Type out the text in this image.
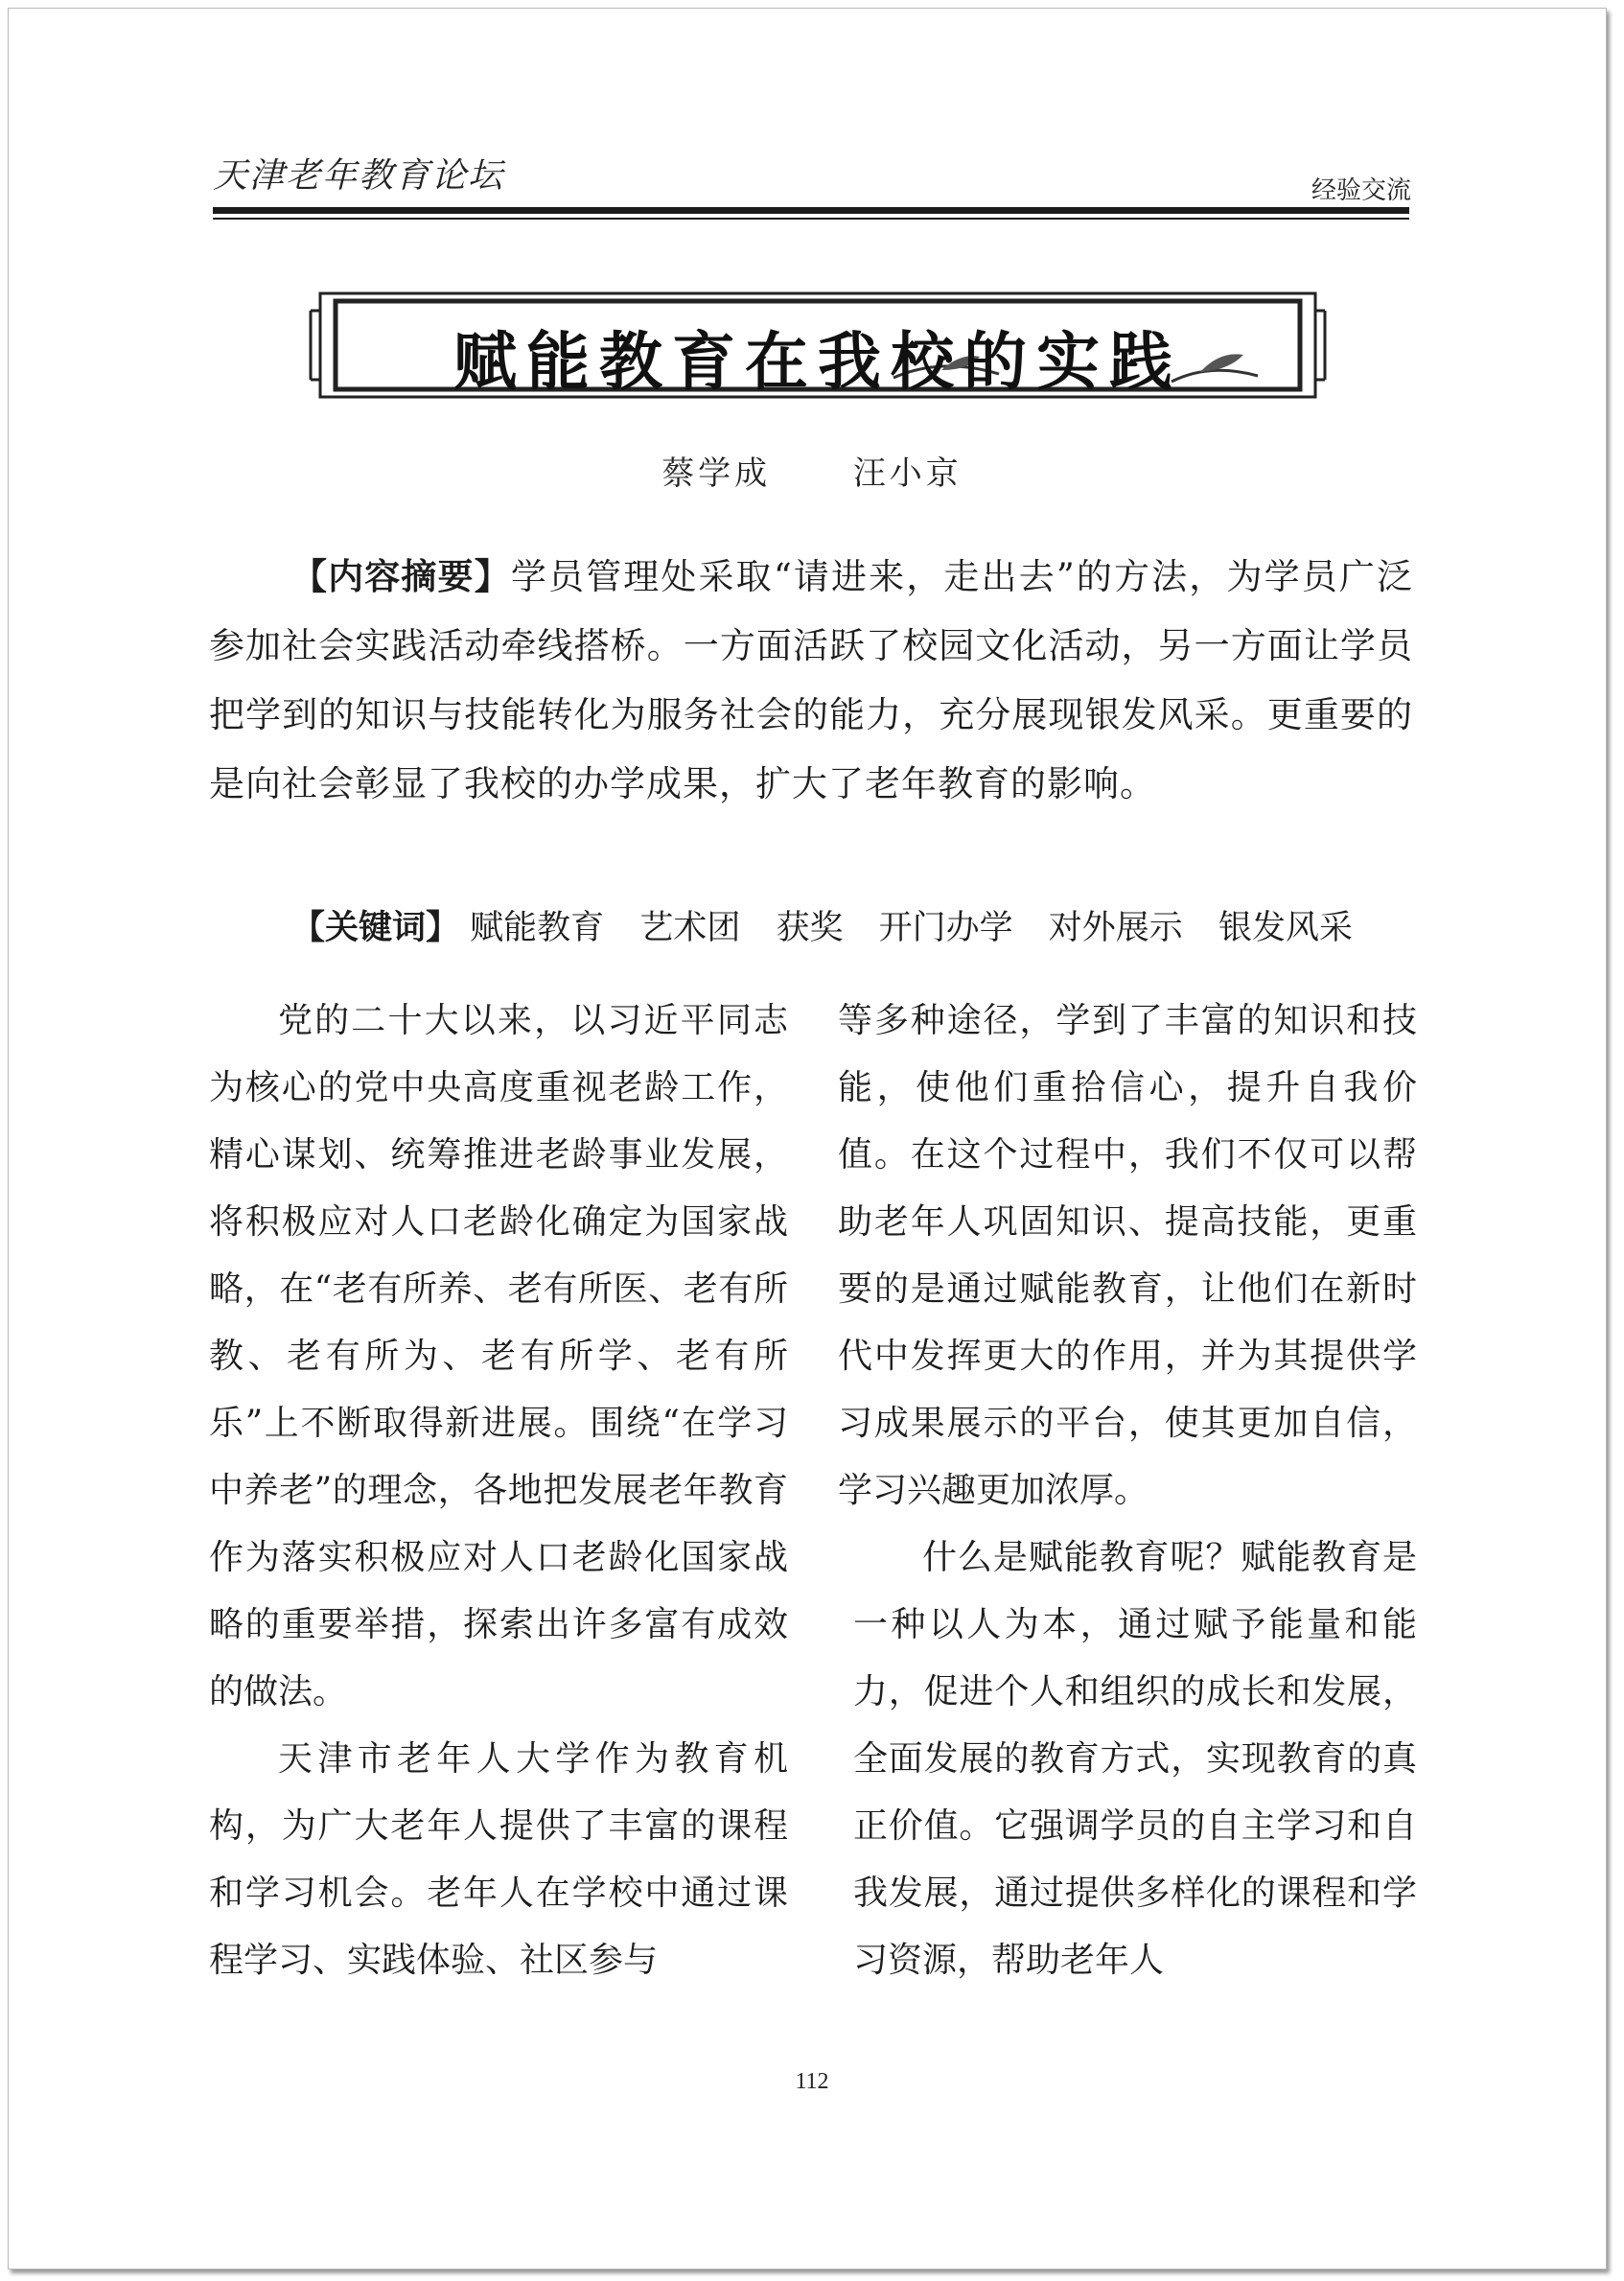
天津老年教育论坛	经验交流
赋能教育在我校的实践
蔡学成	汪小京
【内容摘要】学员管理处采取“请进来，走出去”的方法，为学员广泛参加社会实践活动牵线搭桥。一方面活跃了校园文化活动，另一方面让学员把学到的知识与技能转化为服务社会的能力，充分展现银发风采。更重要的是向社会彰显了我校的办学成果，扩大了老年教育的影响。
【关键词】 赋能教育 艺术团 获奖 开门办学 对外展示 银发风采

党的二十大以来，以习近平同志为核心的党中央高度重视老龄工作，精心谋划、统筹推进老龄事业发展，将积极应对人口老龄化确定为国家战略，在“老有所养、老有所医、老有所教、老有所为、老有所学、老有所乐”上不断取得新进展。围绕“在学习中养老”的理念，各地把发展老年教育作为落实积极应对人口老龄化国家战略的重要举措，探索出许多富有成效的做法。

天津市老年人大学作为教育机构，为广大老年人提供了丰富的课程和学习机会。老年人在学校中通过课程学习、实践体验、社区参与

等多种途径，学到了丰富的知识和技能，使他们重拾信心，提升自我价值。在这个过程中，我们不仅可以帮助老年人巩固知识、提高技能，更重要的是通过赋能教育，让他们在新时代中发挥更大的作用，并为其提供学习成果展示的平台，使其更加自信，学习兴趣更加浓厚。

什么是赋能教育呢？赋能教育是一种以人为本，通过赋予能量和能力，促进个人和组织的成长和发展，全面发展的教育方式，实现教育的真正价值。它强调学员的自主学习和自我发展，通过提供多样化的课程和学习资源，帮助老年人

112
